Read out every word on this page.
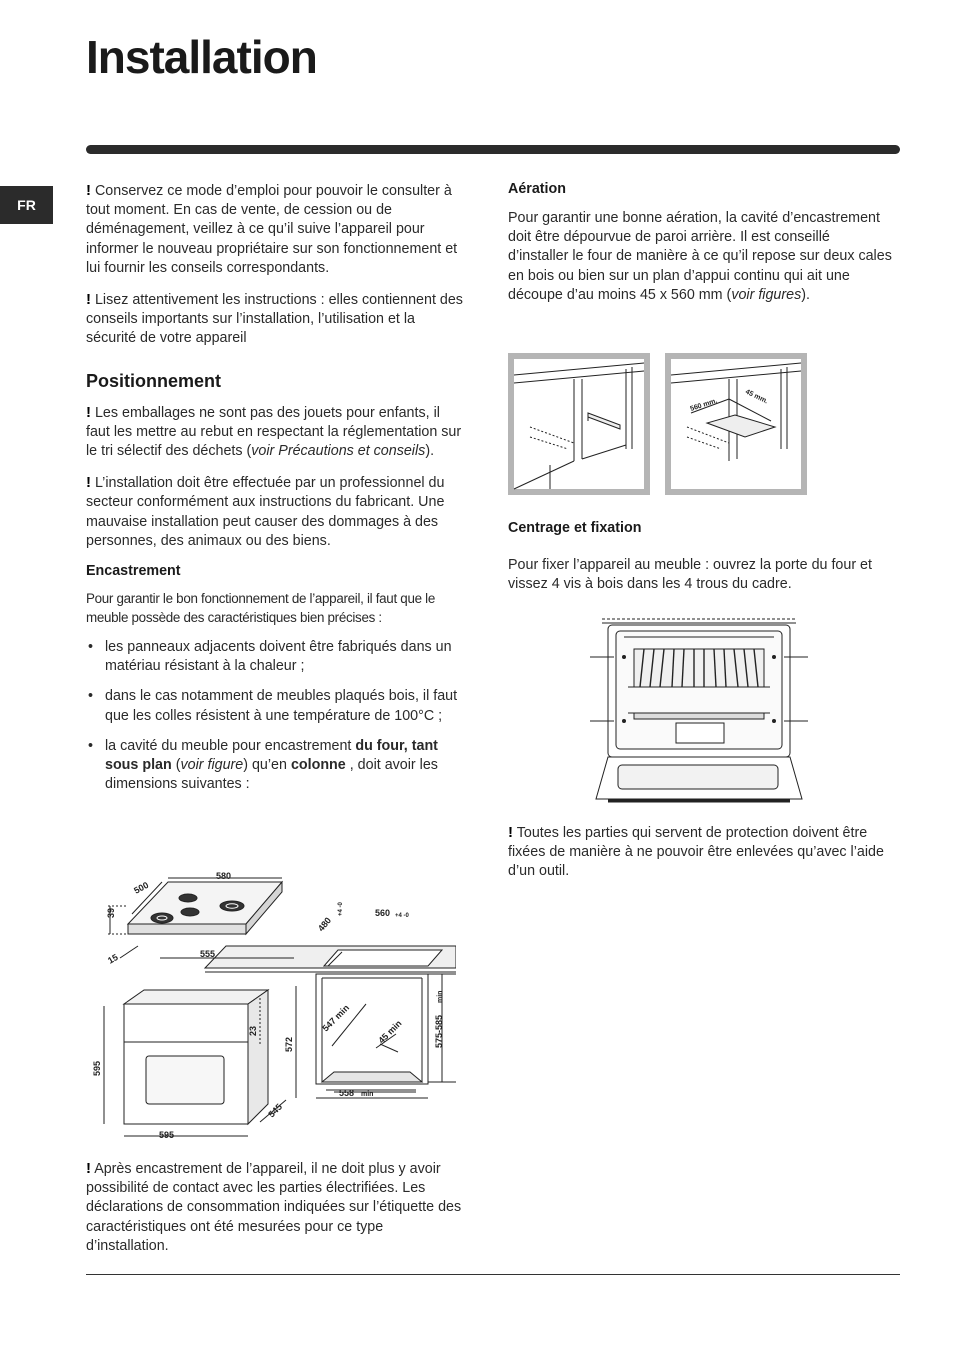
Installation
FR

! Conservez ce mode d’emploi pour pouvoir le consulter à tout moment. En cas de vente, de cession ou de déménagement, veillez à ce qu’il suive l’appareil pour informer le nouveau propriétaire sur son fonctionnement et lui fournir les conseils correspondants.

! Lisez attentivement les instructions : elles contiennent des conseils importants sur l’installation, l’utilisation et la sécurité de votre appareil

Positionnement

! Les emballages ne sont pas des jouets pour enfants, il faut les mettre au rebut en respectant la réglementation sur le tri sélectif des déchets (voir Précautions et conseils).

! L’installation doit être effectuée par un professionnel du secteur conformément aux instructions du fabricant. Une mauvaise installation peut causer des dommages à des personnes, des animaux ou des biens.

Encastrement

Pour garantir le bon fonctionnement de l’appareil, il faut que le meuble possède des caractéristiques bien précises :

• les panneaux adjacents doivent être fabriqués dans un matériau résistant à la chaleur ;
• dans le cas notamment de meubles plaqués bois, il faut que les colles résistent à une température de 100°C ;
• la cavité du meuble pour encastrement du four, tant sous plan (voir figure) qu’en colonne , doit avoir les dimensions suivantes :
580
500
39
15
480
+4 -0	560 +4 -0
555
23
572
595
595
545
547 min	45 min
558 min
575-585
min

! Après encastrement de l’appareil, il ne doit plus y avoir possibilité de contact avec les parties électrifiées. Les déclarations de consommation indiquées sur l’étiquette des caractéristiques ont été mesurées pour ce type d’installation.

Aération

Pour garantir une bonne aération, la cavité d’encastrement doit être dépourvue de paroi arrière. Il est conseillé d’installer le four de manière à ce qu’il repose sur deux cales en bois ou bien sur un plan d’appui continu qui ait une découpe d’au moins 45 x 560 mm (voir figures).

560 mm.	45 mm.
Centrage et fixation

Pour fixer l’appareil au meuble : ouvrez la porte du four et vissez 4 vis à bois dans les 4 trous du cadre.

! Toutes les parties qui servent de protection doivent être fixées de manière à ne pouvoir être enlevées qu’avec l’aide d’un outil.
